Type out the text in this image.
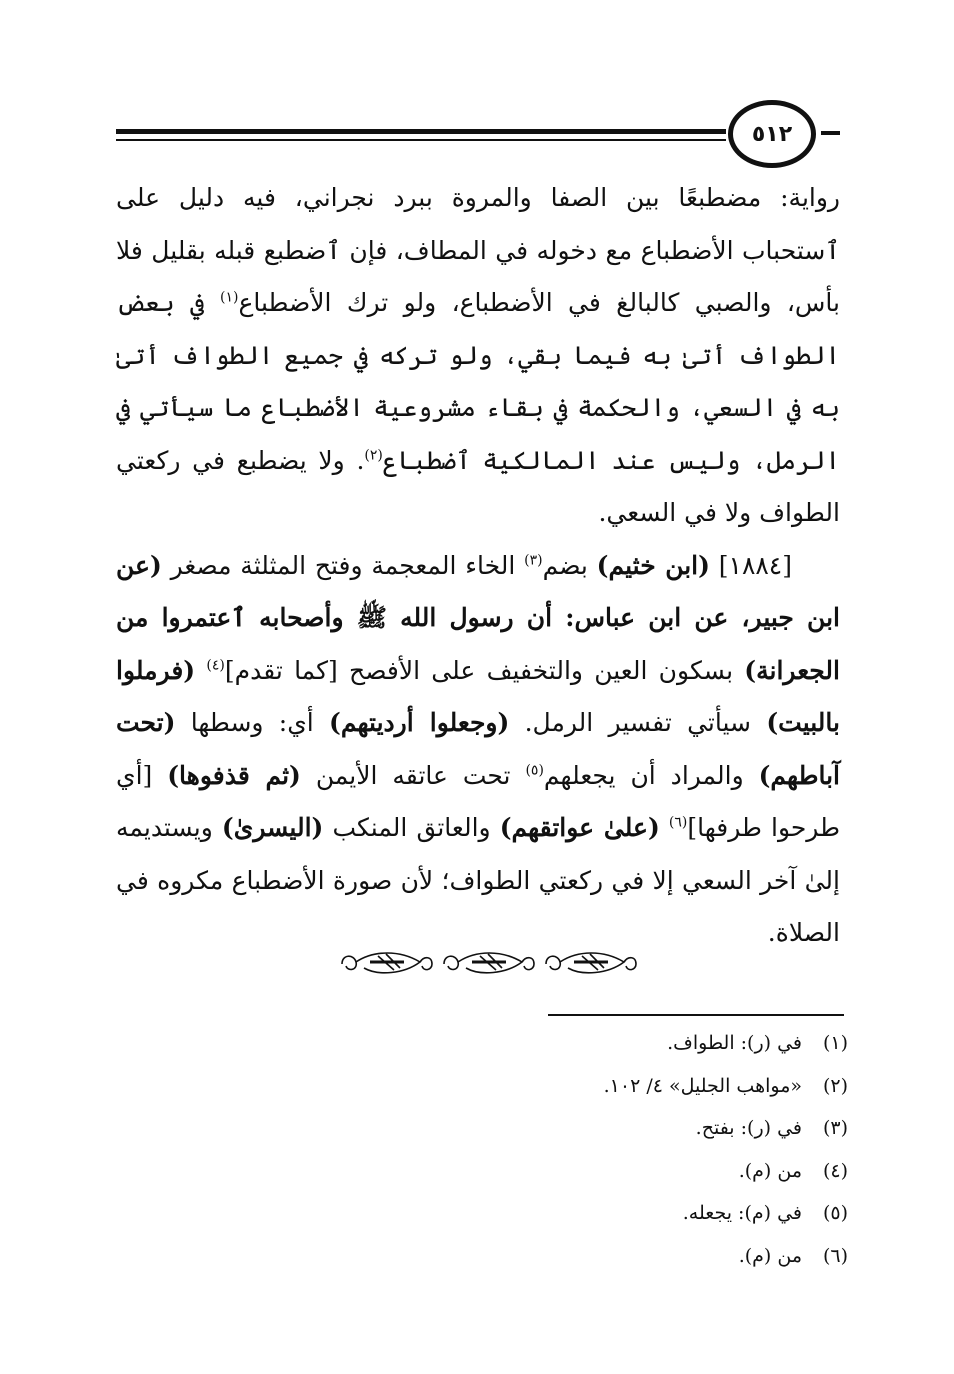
٥١٢

رواية: مضطبعًا بين الصفا والمروة ببرد نجراني، فيه دليل على ٱستحباب الأضطباع مع دخوله في المطاف، فإن ٱضطبع قبله بقليل فلا بأس، والصبي كالبالغ في الأضطباع، ولو ترك الأضطباع$^{(١)}$ في بعض الطواف أتىٰ به فيما بقي، ولو تركه في جميع الطواف أتىٰ به في السعي، والحكمة في بقاء مشروعية الأضطباع ما سيأتي في الرمل، وليس عند المالكية ٱضطباع$^{(٢)}$. ولا يضطبع في ركعتي الطواف ولا في السعي.

[١٨٨٤] (ابن خثيم) بضم$^{(٣)}$ الخاء المعجمة وفتح المثلثة مصغر (عن ابن جبير، عن ابن عباس: أن رسول الله ﷺ وأصحابه ٱعتمروا من الجعرانة) بسكون العين والتخفيف على الأفصح [كما تقدم]$^{(٤)}$ (فرملوا بالبيت) سيأتي تفسير الرمل. (وجعلوا أرديتهم) أي: وسطها (تحت آباطهم) والمراد أن يجعلهم$^{(٥)}$ تحت عاتقه الأيمن (ثم قذفوها) [أي طرحوا طرفها]$^{(٦)}$ (علىٰ عواتقهم) والعاتق المنكب (اليسرىٰ) ويستديمه إلىٰ آخر السعي إلا في ركعتي الطواف؛ لأن صورة الأضطباع مكروه في الصلاة.

(١)في (ر): الطواف.
(٢)«مواهب الجليل» ٤/ ١٠٢.
(٣)في (ر): بفتح.
(٤)من (م).
(٥)في (م): يجعله.
(٦)من (م).
